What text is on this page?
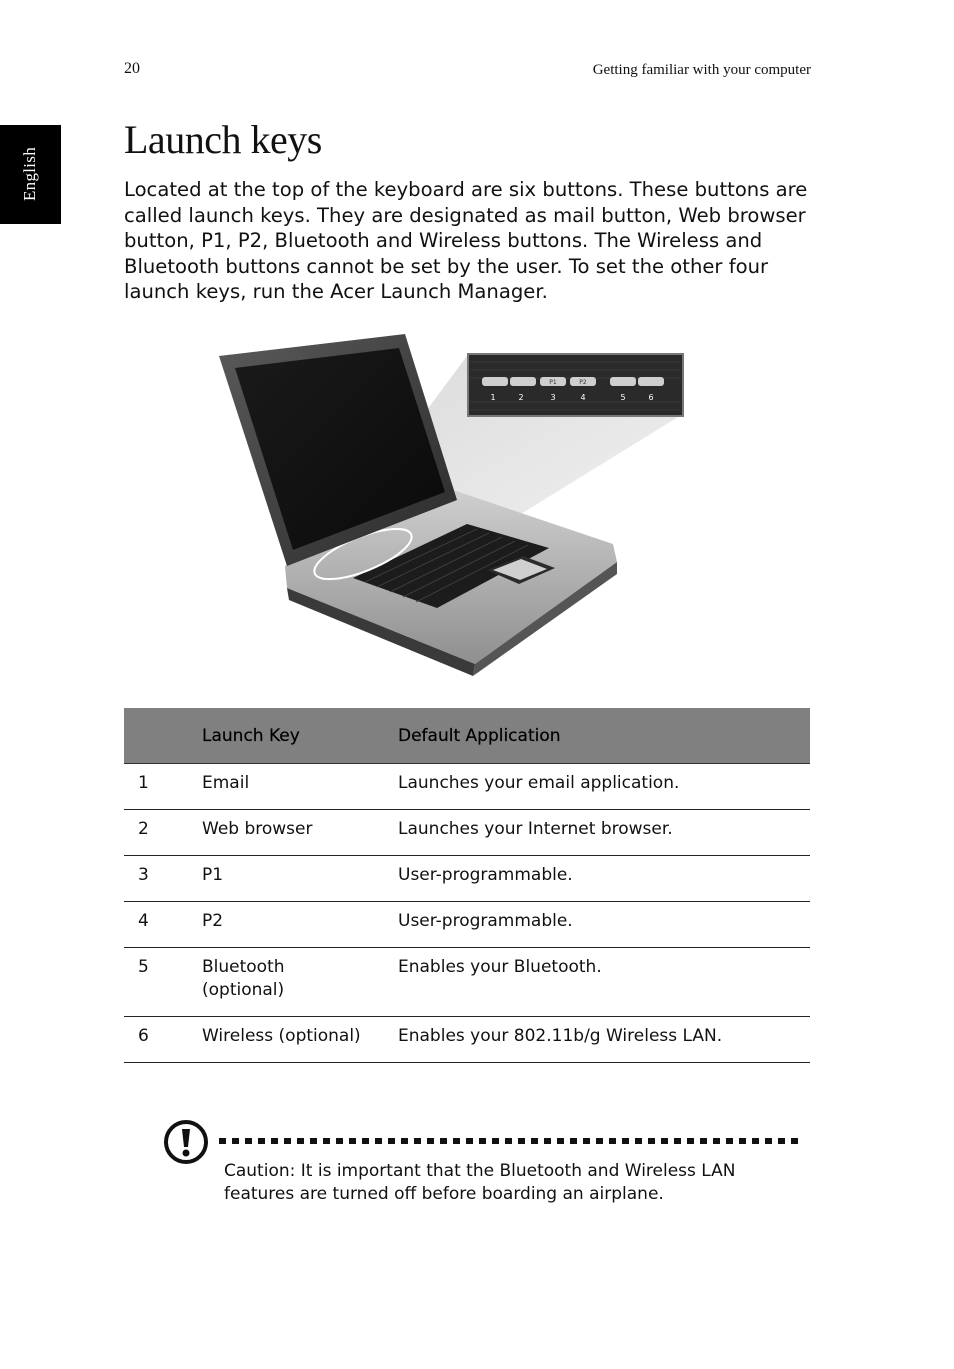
20	Getting familiar with your computer
English
Launch keys

Located at the top of the keyboard are six buttons. These buttons are called launch keys. They are designated as mail button, Web browser button, P1, P2, Bluetooth and Wireless buttons. The Wireless and Bluetooth buttons cannot be set by the user. To set the other four launch keys, run the Acer Launch Manager.

P1	P2
1	2	3	4	5	6
	Launch Key	Default Application
1	Email	Launches your email application.
2	Web browser	Launches your Internet browser.
3	P1	User-programmable.
4	P2	User-programmable.
5	Bluetooth (optional)	Enables your Bluetooth.
6	Wireless (optional)	Enables your 802.11b/g Wireless LAN.

Caution: It is important that the Bluetooth and Wireless LAN features are turned off before boarding an airplane.
